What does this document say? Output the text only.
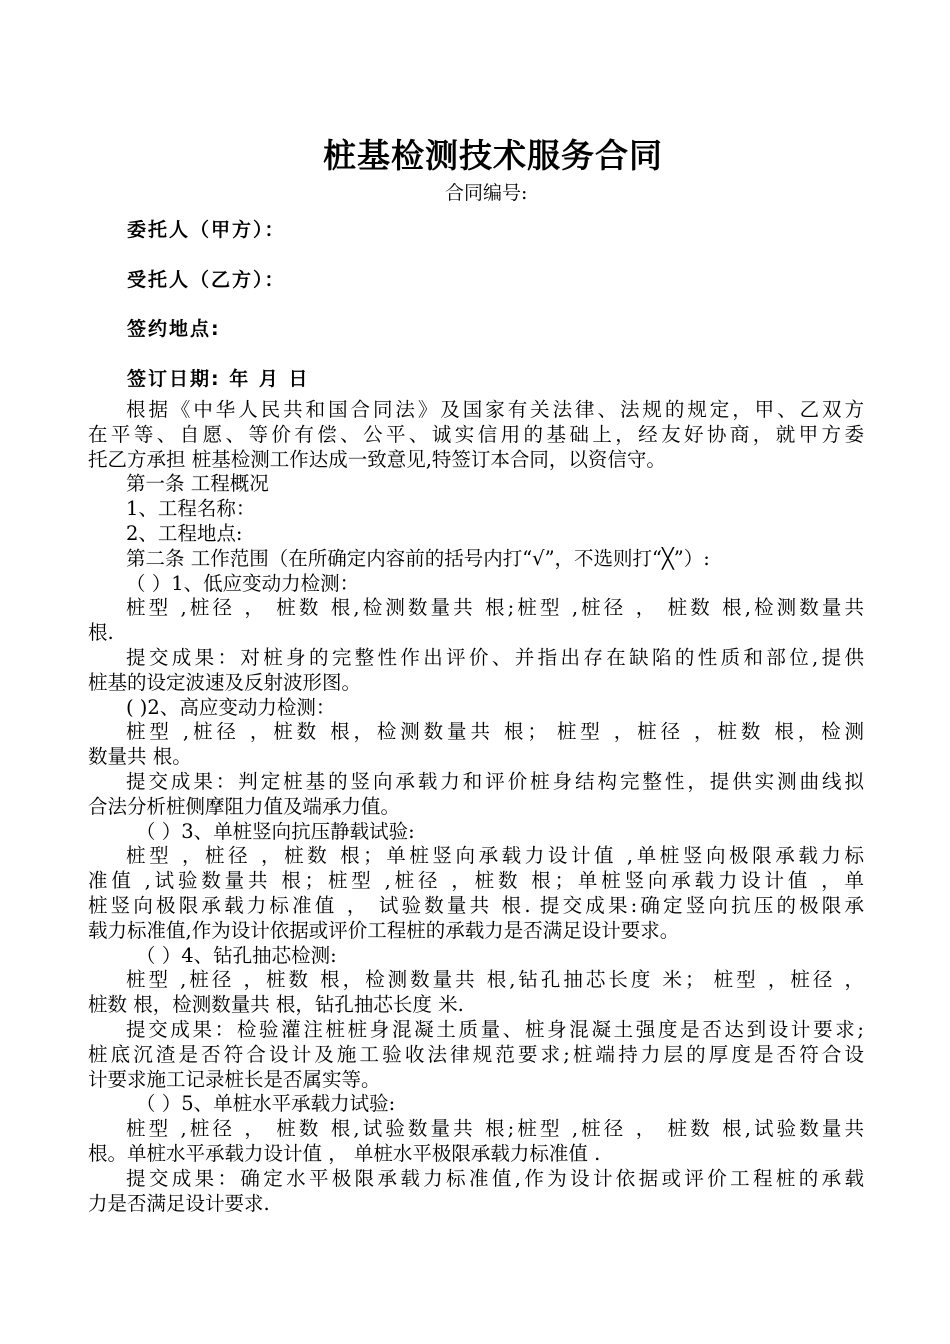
桩基检测技术服务合同
合同编号:
委托人（甲方）：
受托人（乙方）：
签约地点:
签订日期: 年 月 日
根据《中华人民共和国合同法》及国家有关法律、法规的规定，甲、乙双方
在平等、自愿、等价有偿、公平、诚实信用的基础上，经友好协商，就甲方委
托乙方承担 桩基检测工作达成一致意见,特签订本合同，以资信守。
第一条 工程概况
1、工程名称：
2、工程地点:
第二条 工作范围（在所确定内容前的括号内打“√”，不选则打“╳”）:
（ ）1、低应变动力检测：
桩型 ,桩径 ， 桩数 根,检测数量共 根;桩型 ,桩径 ， 桩数 根,检测数量共
根.
提交成果：对桩身的完整性作出评价、并指出存在缺陷的性质和部位,提供
桩基的设定波速及反射波形图。
( )2、高应变动力检测：
桩型 ,桩径 ，桩数 根，检测数量共 根； 桩型 ，桩径 ，桩数 根，检测
数量共 根。
提交成果：判定桩基的竖向承载力和评价桩身结构完整性，提供实测曲线拟
合法分析桩侧摩阻力值及端承力值。
（ ）3、单桩竖向抗压静载试验:
桩型 ，桩径 ，桩数 根；单桩竖向承载力设计值 ,单桩竖向极限承载力标
准值 ,试验数量共 根；桩型 ,桩径 ，桩数 根；单桩竖向承载力设计值 ，单
桩竖向极限承载力标准值 ， 试验数量共 根. 提交成果:确定竖向抗压的极限承
载力标准值,作为设计依据或评价工程桩的承载力是否满足设计要求。
（ ）4、钻孔抽芯检测:
桩型 ,桩径 ，桩数 根，检测数量共 根,钻孔抽芯长度 米； 桩型 ，桩径 ，
桩数 根，检测数量共 根，钻孔抽芯长度 米.
提交成果：检验灌注桩桩身混凝土质量、桩身混凝土强度是否达到设计要求;
桩底沉渣是否符合设计及施工验收法律规范要求;桩端持力层的厚度是否符合设
计要求施工记录桩长是否属实等。
（ ）5、单桩水平承载力试验:
桩型 ,桩径 ， 桩数 根,试验数量共 根;桩型 ,桩径 ， 桩数 根,试验数量共
根。单桩水平承载力设计值 ， 单桩水平极限承载力标准值 .
提交成果：确定水平极限承载力标准值,作为设计依据或评价工程桩的承载
力是否满足设计要求.
